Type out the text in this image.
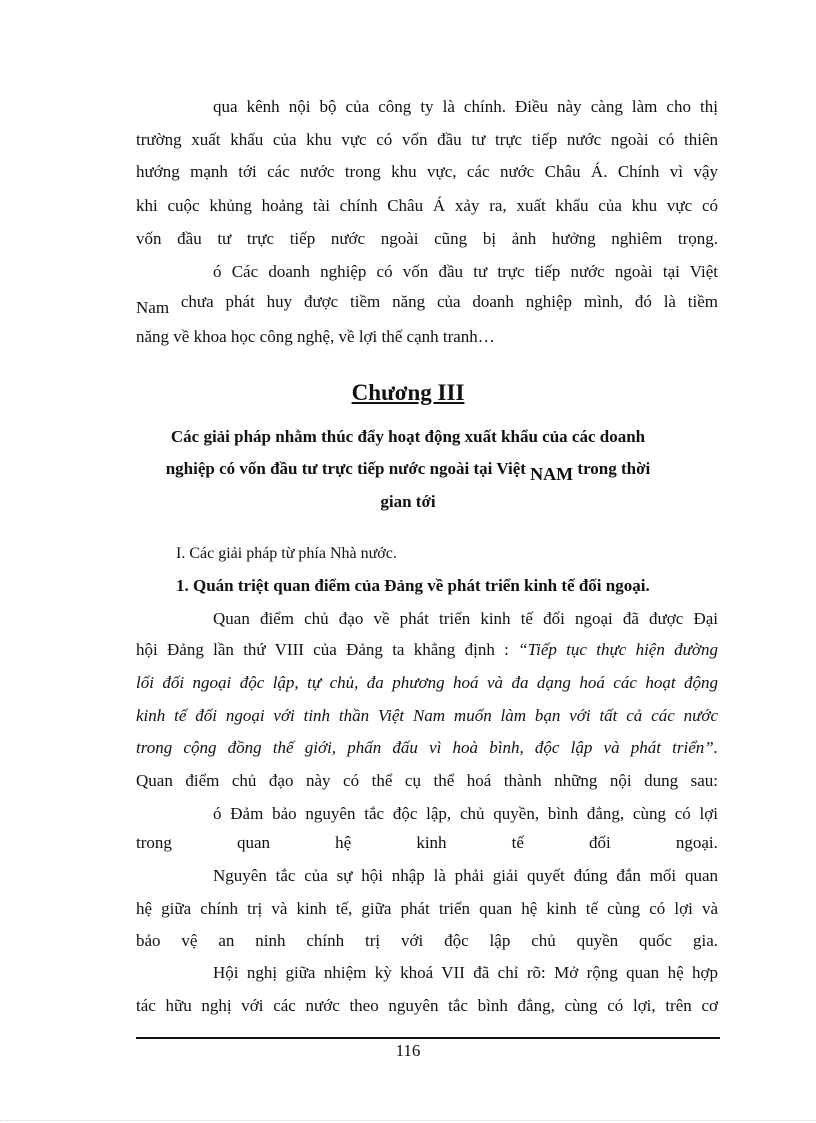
qua kênh nội bộ của công ty là chính. Điều này càng làm cho thị
trường xuất khẩu của khu vực có vốn đầu tư trực tiếp nước ngoài có thiên
hướng mạnh tới các nước trong khu vực, các nước Châu Á. Chính vì vậy
khi cuộc khủng hoảng tài chính Châu Á xảy ra, xuất khẩu của khu vực có
vốn đầu tư trực tiếp nước ngoài cũng bị ảnh hưởng nghiêm trọng.
ó Các doanh nghiệp có vốn đầu tư trực tiếp nước ngoài tại Việt
Nam chưa phát huy được tiềm năng của doanh nghiệp mình, đó là tiềm
năng về khoa học công nghệ, về lợi thế cạnh tranh…
Chương III
Các giải pháp nhằm thúc đẩy hoạt động xuất khẩu của các doanh
nghiệp có vốn đầu tư trực tiếp nước ngoài tại Việt NAM trong thời
gian tới
I. Các giải pháp từ phía Nhà nước.
1. Quán triệt quan điểm của Đảng về phát triển kinh tế đối ngoại.
Quan điểm chủ đạo về phát triển kinh tế đối ngoại đã được Đại
hội Đảng lần thứ VIII của Đảng ta khẳng định : “Tiếp tục thực hiện đường
lối đối ngoại độc lập, tự chủ, đa phương hoá và đa dạng hoá các hoạt động
kinh tế đối ngoại với tinh thần Việt Nam muốn làm bạn với tất cả các nước
trong cộng đồng thế giới, phấn đấu vì hoà bình, độc lập và phát triển”.
Quan điểm chủ đạo này có thể cụ thể hoá thành những nội dung sau:
ó Đảm bảo nguyên tắc độc lập, chủ quyền, bình đẳng, cùng có lợi
trong	quan	hệ	kinh	tế	đối	ngoại.
Nguyên tắc của sự hội nhập là phải giải quyết đúng đắn mối quan
hệ giữa chính trị và kinh tế, giữa phát triển quan hệ kinh tế cùng có lợi và
bảo vệ an ninh chính trị với độc lập chủ quyền quốc gia.
Hội nghị giữa nhiệm kỳ khoá VII đã chỉ rõ: Mở rộng quan hệ hợp
tác hữu nghị với các nước theo nguyên tắc bình đẳng, cùng có lợi, trên cơ
116
